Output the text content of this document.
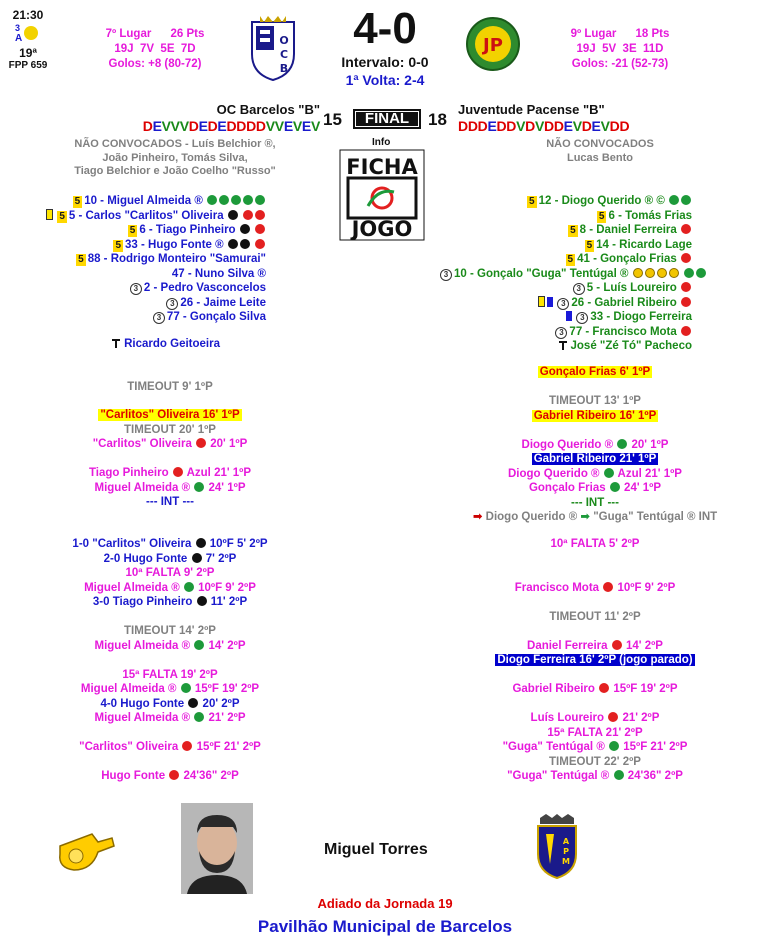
21:30
3
A
19ª
FPP 659
7º Lugar      26 Pts
19J  7V  5E  7D
Golos: +8 (80-72)
O
C
B
4-0
Intervalo: 0-0
1ª Volta: 2-4
JP
9º Lugar      18 Pts
19J  5V  3E  11D
Golos: -21 (52-73)
OC Barcelos "B"	Juventude Pacense "B"
15	FINAL	18
DEVVVDEDEDDDDVVEVEV	DDDEDDVDVDDEVDEVDD
Info
FICHA
JOGO
NÃO CONVOCADOS - Luís Belchior ®,
João Pinheiro, Tomás Silva,
Tiago Belchior e João Coelho "Russo"
NÃO CONVOCADOS
Lucas Bento
5 10 - Miguel Almeida ®
5 5 - Carlos "Carlitos" Oliveira
5 6 - Tiago Pinheiro
5 33 - Hugo Fonte ®
5 88 - Rodrigo Monteiro "Samurai"
47 - Nuno Silva ®
3 2 - Pedro Vasconcelos
3 26 - Jaime Leite
3 77 - Gonçalo Silva
Ricardo Geitoeira
5 12 - Diogo Querido ® ©
5 6 - Tomás Frias
5 8 - Daniel Ferreira
5 14 - Ricardo Lage
5 41 - Gonçalo Frias
3 10 - Gonçalo "Guga" Tentúgal ®
3 5 - Luís Loureiro
3 26 - Gabriel Ribeiro
3 33 - Diogo Ferreira
3 77 - Francisco Mota
José "Zé Tó" Pacheco
TIMEOUT 9' 1ºP
"Carlitos" Oliveira 16' 1ºP
TIMEOUT 20' 1ºP
"Carlitos" Oliveira 20' 1ºP

Tiago Pinheiro Azul 21' 1ºP
Miguel Almeida ® 24' 1ºP
--- INT ---
Gonçalo Frias 6' 1ºP

TIMEOUT 13' 1ºP
Gabriel Ribeiro 16' 1ºP

Diogo Querido ® 20' 1ºP
Gabriel Ribeiro 21' 1ºP
Diogo Querido ® Azul 21' 1ºP
Gonçalo Frias 24' 1ºP
--- INT ---
➡ Diogo Querido ® ➡ "Guga" Tentúgal ® INT
1-0 "Carlitos" Oliveira 10ºF 5' 2ºP
2-0 Hugo Fonte 7' 2ºP
10ª FALTA 9' 2ºP
Miguel Almeida ® 10ºF 9' 2ºP
3-0 Tiago Pinheiro 11' 2ºP

TIMEOUT 14' 2ºP
Miguel Almeida ® 14' 2ºP

15ª FALTA 19' 2ºP
Miguel Almeida ® 15ºF 19' 2ºP
4-0 Hugo Fonte 20' 2ºP
Miguel Almeida ® 21' 2ºP

"Carlitos" Oliveira 15ºF 21' 2ºP

Hugo Fonte 24'36" 2ºP
10ª FALTA 5' 2ºP

Francisco Mota 10ºF 9' 2ºP

TIMEOUT 11' 2ºP

Daniel Ferreira 14' 2ºP
Diogo Ferreira 16' 2ºP (jogo parado)

Gabriel Ribeiro 15ºF 19' 2ºP

Luís Loureiro 21' 2ºP
15ª FALTA 21' 2ºP
"Guga" Tentúgal ® 15ºF 21' 2ºP
TIMEOUT 22' 2ºP
"Guga" Tentúgal ® 24'36" 2ºP
Miguel Torres	A
P
M
Adiado da Jornada 19
Pavilhão Municipal de Barcelos
